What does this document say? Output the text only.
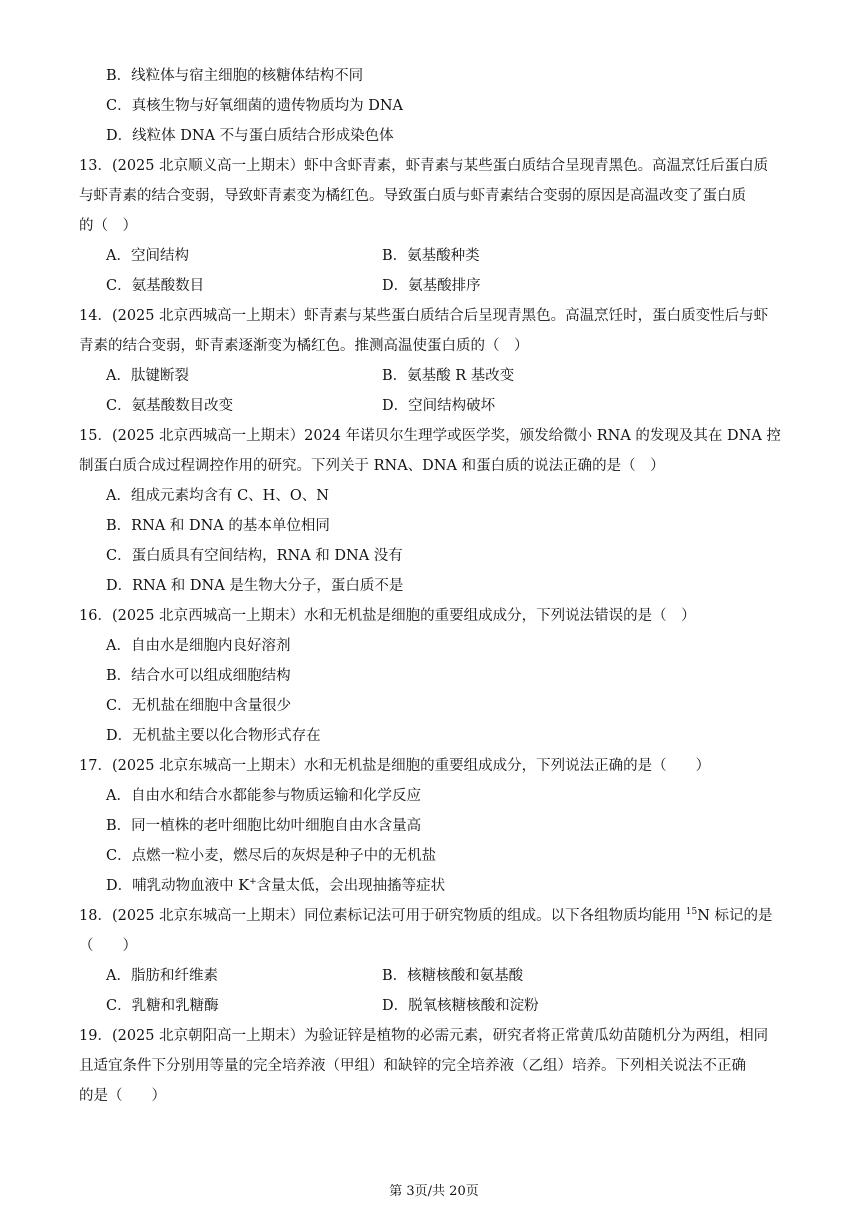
B．线粒体与宿主细胞的核糖体结构不同
C．真核生物与好氧细菌的遗传物质均为 DNA
D．线粒体 DNA 不与蛋白质结合形成染色体
13．(2025 北京顺义高一上期末）虾中含虾青素，虾青素与某些蛋白质结合呈现青黑色。高温烹饪后蛋白质
与虾青素的结合变弱，导致虾青素变为橘红色。导致蛋白质与虾青素结合变弱的原因是高温改变了蛋白质
的（　）
A．空间结构	B．氨基酸种类
C．氨基酸数目	D．氨基酸排序
14．(2025 北京西城高一上期末）虾青素与某些蛋白质结合后呈现青黑色。高温烹饪时，蛋白质变性后与虾
青素的结合变弱，虾青素逐渐变为橘红色。推测高温使蛋白质的（　）
A．肽键断裂	B．氨基酸 R 基改变
C．氨基酸数目改变	D．空间结构破坏
15．(2025 北京西城高一上期末）2024 年诺贝尔生理学或医学奖，颁发给微小 RNA 的发现及其在 DNA 控
制蛋白质合成过程调控作用的研究。下列关于 RNA、DNA 和蛋白质的说法正确的是（　）
A．组成元素均含有 C、H、O、N
B．RNA 和 DNA 的基本单位相同
C．蛋白质具有空间结构，RNA 和 DNA 没有
D．RNA 和 DNA 是生物大分子，蛋白质不是
16．(2025 北京西城高一上期末）水和无机盐是细胞的重要组成成分，下列说法错误的是（　）
A．自由水是细胞内良好溶剂
B．结合水可以组成细胞结构
C．无机盐在细胞中含量很少
D．无机盐主要以化合物形式存在
17．(2025 北京东城高一上期末）水和无机盐是细胞的重要组成成分，下列说法正确的是（　　）
A．自由水和结合水都能参与物质运输和化学反应
B．同一植株的老叶细胞比幼叶细胞自由水含量高
C．点燃一粒小麦，燃尽后的灰烬是种子中的无机盐
D．哺乳动物血液中 K+含量太低，会出现抽搐等症状
18．(2025 北京东城高一上期末）同位素标记法可用于研究物质的组成。以下各组物质均能用 $^{15}$N 标记的是
（　　）
A．脂肪和纤维素	B．核糖核酸和氨基酸
C．乳糖和乳糖酶	D．脱氧核糖核酸和淀粉
19．(2025 北京朝阳高一上期末）为验证锌是植物的必需元素，研究者将正常黄瓜幼苗随机分为两组，相同
且适宜条件下分别用等量的完全培养液（甲组）和缺锌的完全培养液（乙组）培养。下列相关说法不正确
的是（　　）
第 3页/共 20页
